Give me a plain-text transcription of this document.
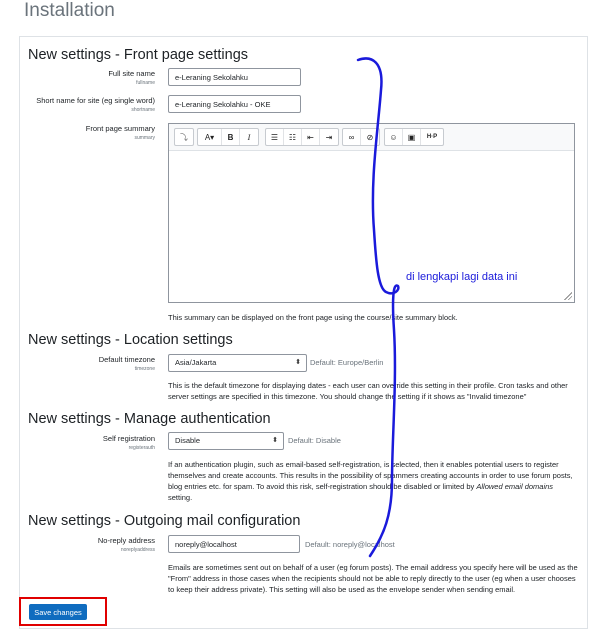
Installation
New settings - Front page settings
Full site name
fullname
e-Leraning Sekolahku
Short name for site (eg single word)
shortname
e-Leraning Sekolahku - OKE
Front page summary
summary	⤵	A▾	B	I	☰	☷	⇤	⇥	∞	⊘	☺	▣	H·P
This summary can be displayed on the front page using the course/site summary block.
New settings - Location settings
Default timezone
timezone
Asia/Jakarta	⬍ Default: Europe/Berlin
This is the default timezone for displaying dates - each user can override this setting in their profile. Cron tasks and other
server settings are specified in this timezone. You should change the setting if it shows as "Invalid timezone"
New settings - Manage authentication
Self registration
registerauth
Disable	⬍ Default: Disable
If an authentication plugin, such as email-based self-registration, is selected, then it enables potential users to register
themselves and create accounts. This results in the possibility of spammers creating accounts in order to use forum posts,
blog entries etc. for spam. To avoid this risk, self-registration should be disabled or limited by Allowed email domains
setting.
New settings - Outgoing mail configuration
No-reply address
noreplyaddress
noreply@localhost
Default: noreply@localhost
Emails are sometimes sent out on behalf of a user (eg forum posts). The email address you specify here will be used as the
"From" address in those cases when the recipients should not be able to reply directly to the user (eg when a user chooses
to keep their address private). This setting will also be used as the envelope sender when sending email.
Save changes
di lengkapi lagi data ini
